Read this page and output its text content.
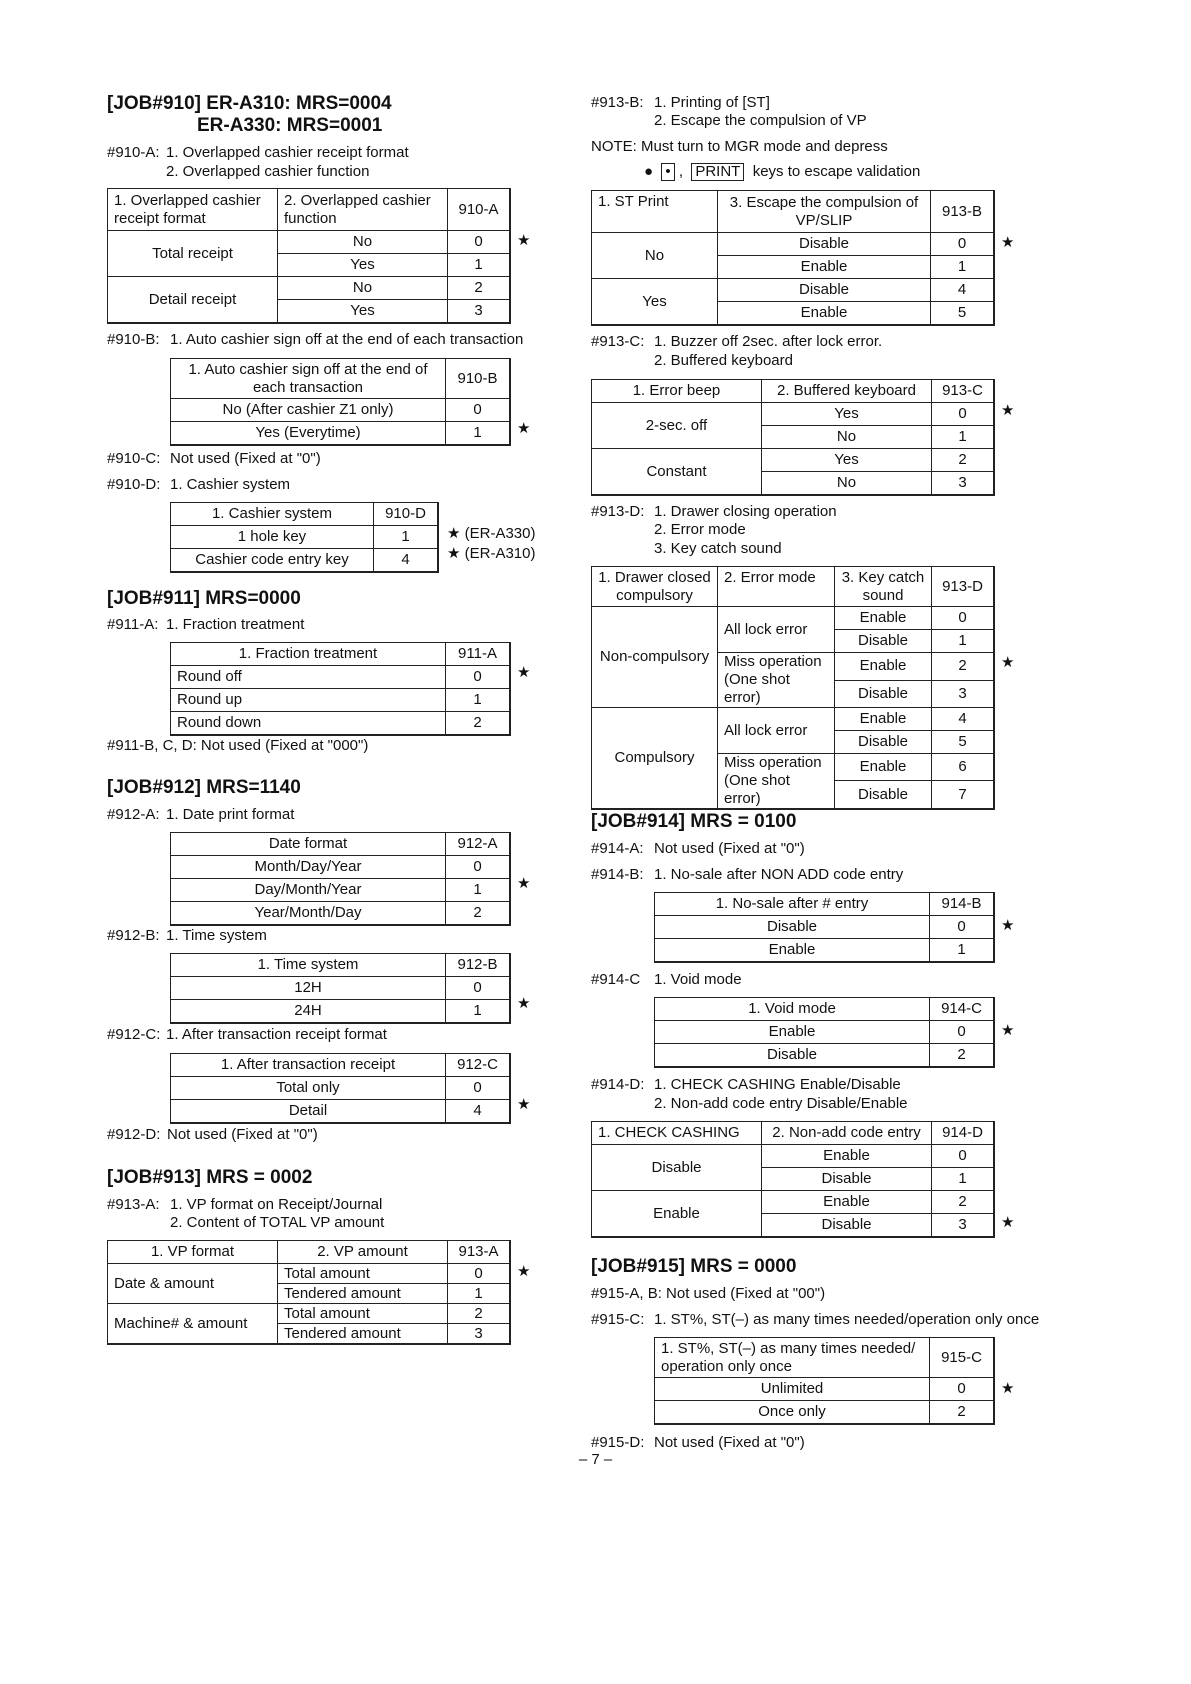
[JOB#910] ER-A310: MRS=0004
ER-A330: MRS=0001
#910-A: 1. Overlapped cashier receipt format
2. Overlapped cashier function
1. Overlapped cashier receipt format	2. Overlapped cashier function	910-A
Total receipt	No	0
	Yes	1
Detail receipt	No	2
	Yes	3
★
#910-B: 1. Auto cashier sign off at the end of each transaction
1. Auto cashier sign off at the end of each transaction	910-B
No (After cashier Z1 only)	0
Yes (Everytime)	1 ★
#910-C: Not used (Fixed at "0")
#910-D: 1. Cashier system
1. Cashier system	910-D
1 hole key	1
Cashier code entry key	4
★ (ER-A330)
★ (ER-A310)
[JOB#911] MRS=0000
#911-A: 1. Fraction treatment
1. Fraction treatment	911-A
Round off	0
Round up	1
Round down	2
★
#911-B, C, D: Not used (Fixed at "000")
[JOB#912] MRS=1140
#912-A: 1. Date print format
Date format	912-A
Month/Day/Year	0
Day/Month/Year	1
Year/Month/Day	2
★
#912-B: 1. Time system
1. Time system	912-B
12H	0
24H	1 ★
#912-C: 1. After transaction receipt format
1. After transaction receipt	912-C
Total only	0
Detail	4 ★
#912-D: Not used (Fixed at "0")
[JOB#913] MRS = 0002
#913-A: 1. VP format on Receipt/Journal
2. Content of TOTAL VP amount
1. VP format	2. VP amount	913-A
Date & amount	Total amount	0
	Tendered amount	1
Machine# & amount	Total amount	2
	Tendered amount	3
★
#913-B: 1. Printing of [ST]
2. Escape the compulsion of VP
NOTE: Must turn to MGR mode and depress
●  • ,  PRINT keys to escape validation
1. ST Print	3. Escape the compulsion of VP/SLIP	913-B
No	Disable	0
	Enable	1
Yes	Disable	4
	Enable	5
★
#913-C: 1. Buzzer off 2sec. after lock error.
2. Buffered keyboard
1. Error beep	2. Buffered keyboard	913-C
2-sec. off	Yes	0
	No	1
Constant	Yes	2
	No	3
★
#913-D: 1. Drawer closing operation
2. Error mode
3. Key catch sound
1. Drawer closed compulsory	2. Error mode	3. Key catch sound	913-D
Non-compulsory	All lock error	Enable	0
		Disable	1
	Miss operation (One shot error)	Enable	2
		Disable	3
Compulsory	All lock error	Enable	4
		Disable	5
	Miss operation (One shot error)	Enable	6
		Disable	7
★
[JOB#914] MRS = 0100
#914-A: Not used (Fixed at "0")
#914-B: 1. No-sale after NON ADD code entry
1. No-sale after # entry	914-B
Disable	0
Enable	1
★
#914-C 1. Void mode
1. Void mode	914-C
Enable	0
Disable	2
★
#914-D: 1. CHECK CASHING Enable/Disable
2. Non-add code entry Disable/Enable
1. CHECK CASHING	2. Non-add code entry	914-D
Disable	Enable	0
	Disable	1
Enable	Enable	2
	Disable	3 ★
[JOB#915] MRS = 0000
#915-A, B: Not used (Fixed at "00")
#915-C: 1. ST%, ST(–) as many times needed/operation only once
1. ST%, ST(–) as many times needed/ operation only once	915-C
Unlimited	0
Once only	2
★
#915-D: Not used (Fixed at "0")
– 7 –
